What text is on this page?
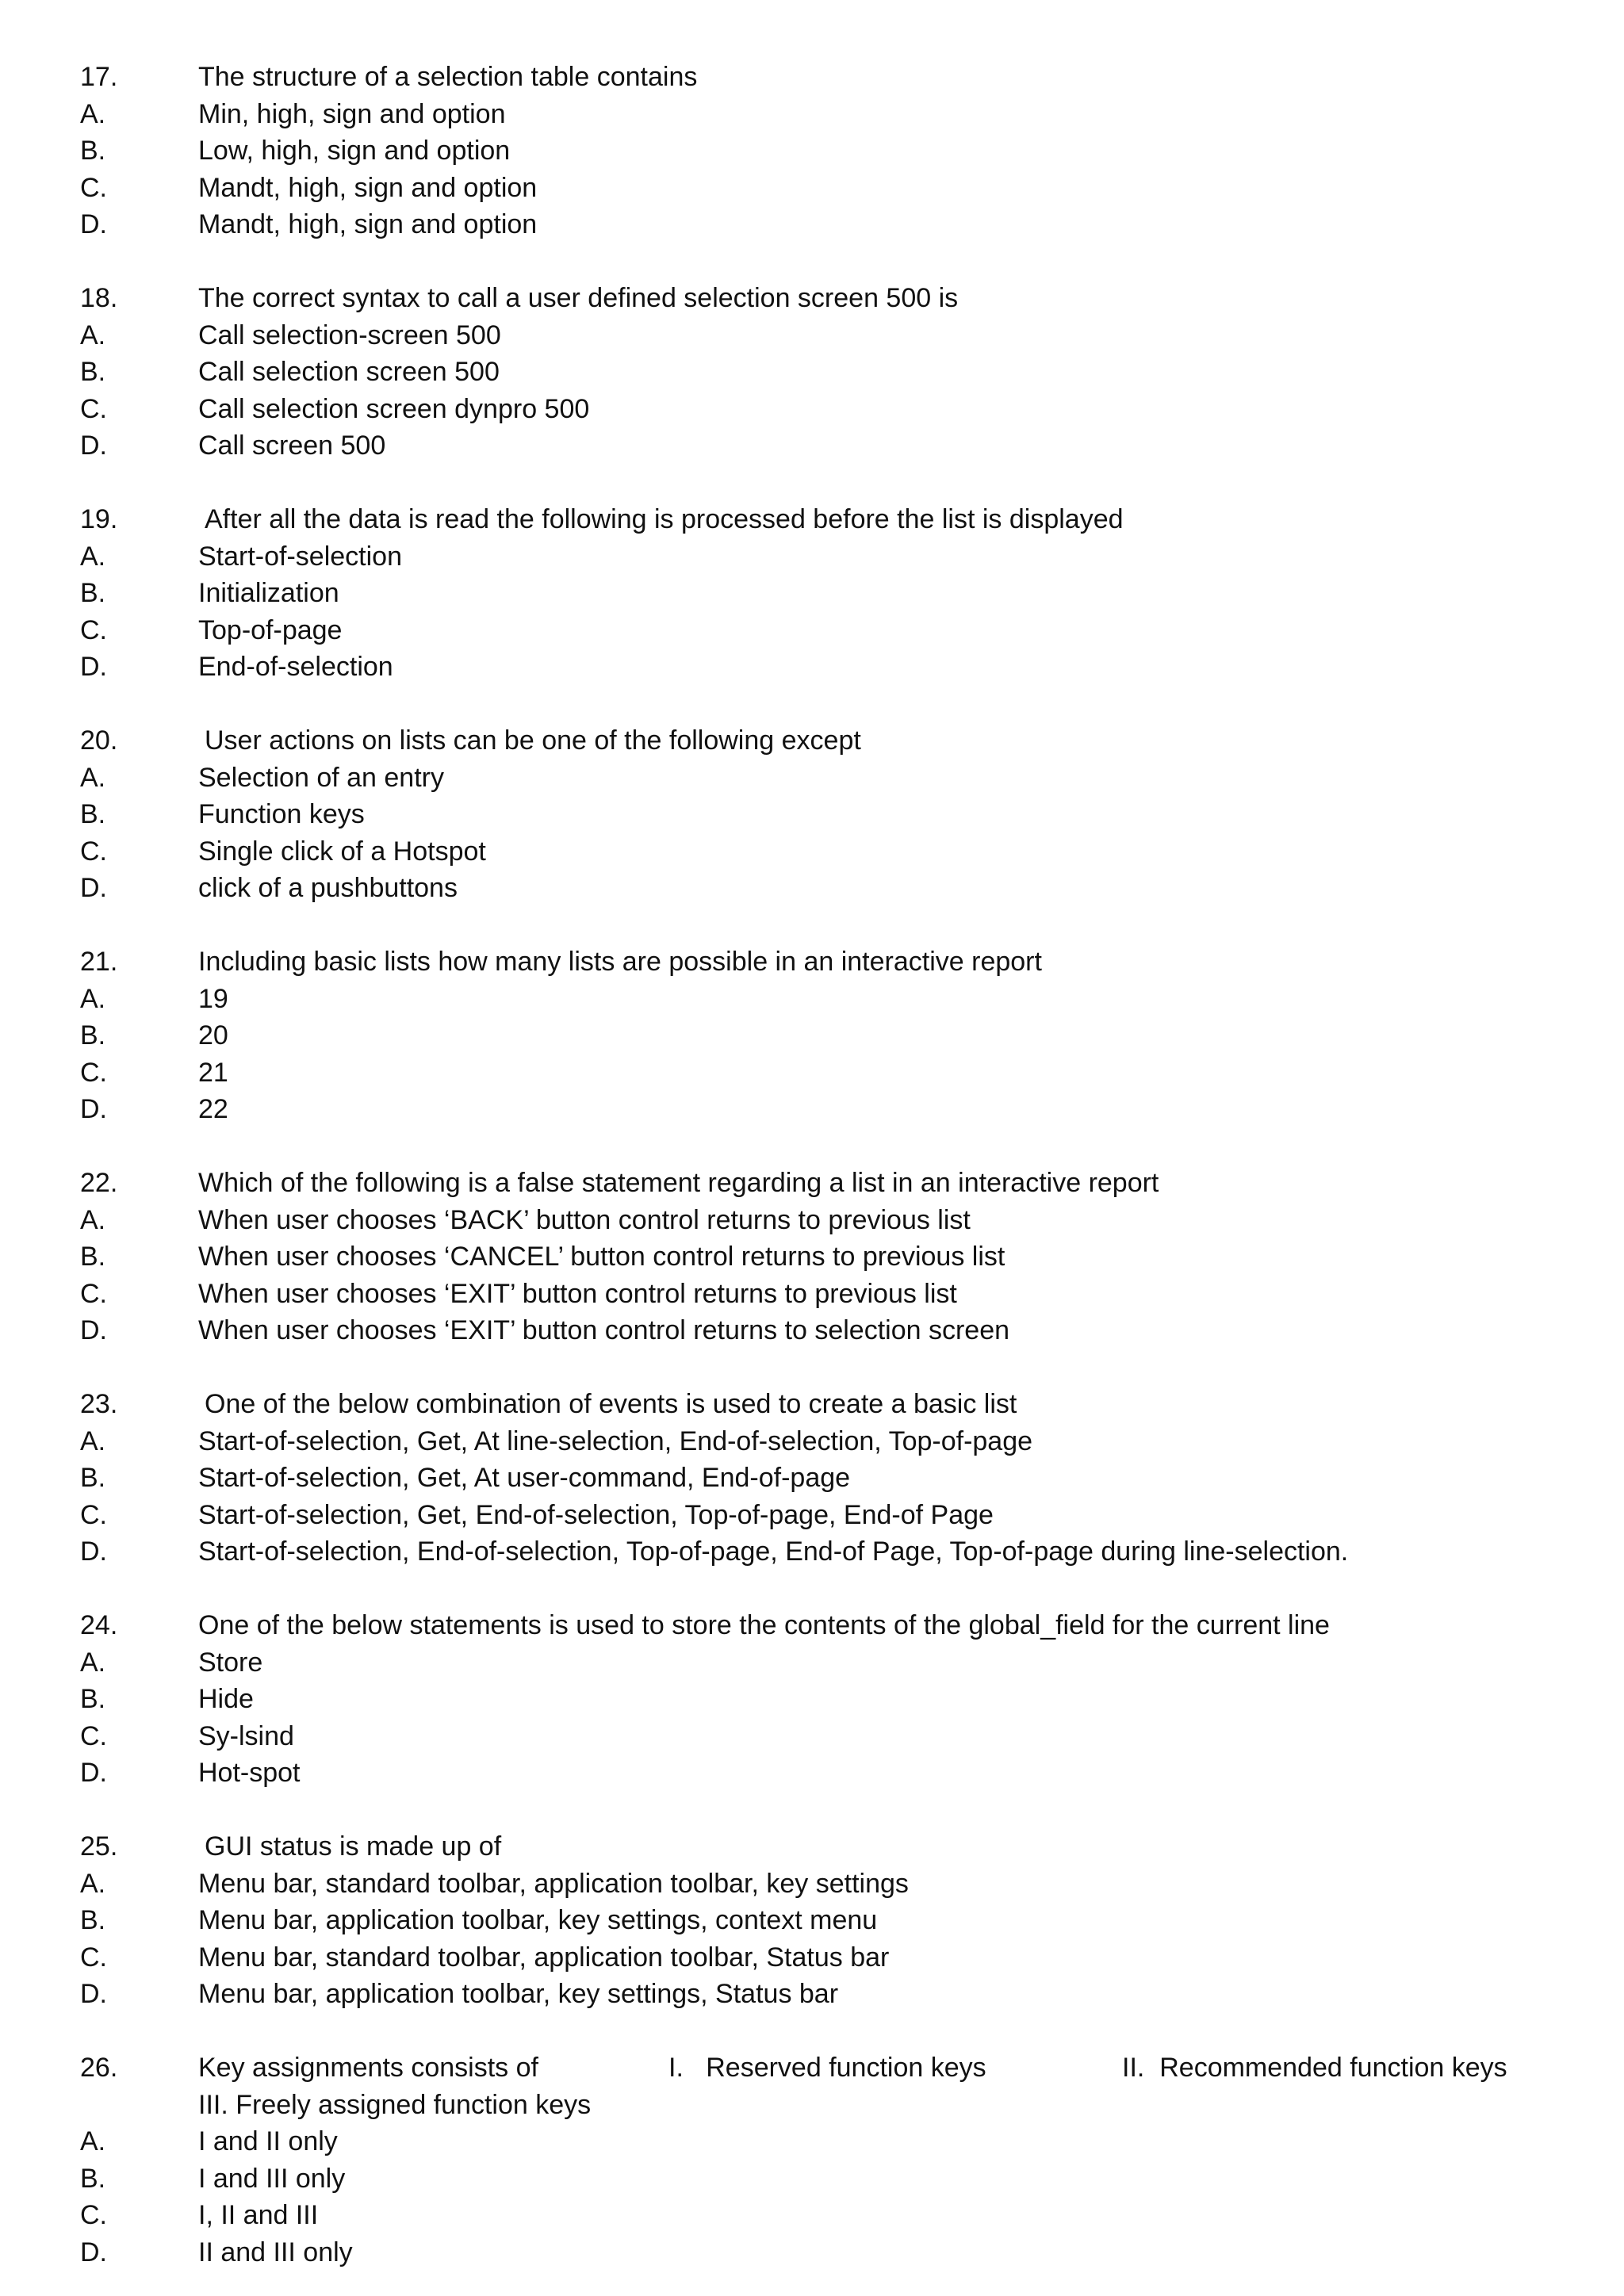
17.	The structure of a selection table contains
A.	Min, high, sign and option
B.	Low, high, sign and option
C.	Mandt, high, sign and option
D.	Mandt, high, sign and option
18.	The correct syntax to call a user defined selection screen 500 is
A.	Call selection-screen 500
B.	Call selection screen 500
C.	Call selection screen dynpro 500
D.	Call screen 500
19.	After all the data is read the following is processed before the list is displayed
A.	Start-of-selection
B.	Initialization
C.	Top-of-page
D.	End-of-selection
20.	User actions on lists can be one of the following except
A.	Selection of an entry
B.	Function keys
C.	Single click of a Hotspot
D.	click of a pushbuttons
21.	Including basic lists how many lists are possible in an interactive report
A.	19
B.	20
C.	21
D.	22
22.	Which of the following is a false statement regarding a list in an interactive report
A.	When user chooses ‘BACK’ button control returns to previous list
B.	When user chooses ‘CANCEL’ button control returns to previous list
C.	When user chooses ‘EXIT’ button control returns to previous list
D.	When user chooses ‘EXIT’ button control returns to selection screen
23.	One of the below combination of events is used to create a basic list
A.	Start-of-selection, Get, At line-selection, End-of-selection, Top-of-page
B.	Start-of-selection, Get, At user-command, End-of-page
C.	Start-of-selection, Get, End-of-selection, Top-of-page, End-of Page
D.	Start-of-selection, End-of-selection, Top-of-page, End-of Page, Top-of-page during line-selection.
24.	One of the below statements is used to store the contents of the global_field for the current line
A.	Store
B.	Hide
C.	Sy-lsind
D.	Hot-spot
25.	GUI status is made up of
A.	Menu bar, standard toolbar, application toolbar, key settings
B.	Menu bar, application toolbar, key settings, context menu
C.	Menu bar, standard toolbar, application toolbar, Status bar
D.	Menu bar, application toolbar, key settings, Status bar
26.	Key assignments consists of	I.   Reserved function keys	II.  Recommended function keys
III. Freely assigned function keys
A.	I and II only
B.	I and III only
C.	I, II and III
D.	II and III only
